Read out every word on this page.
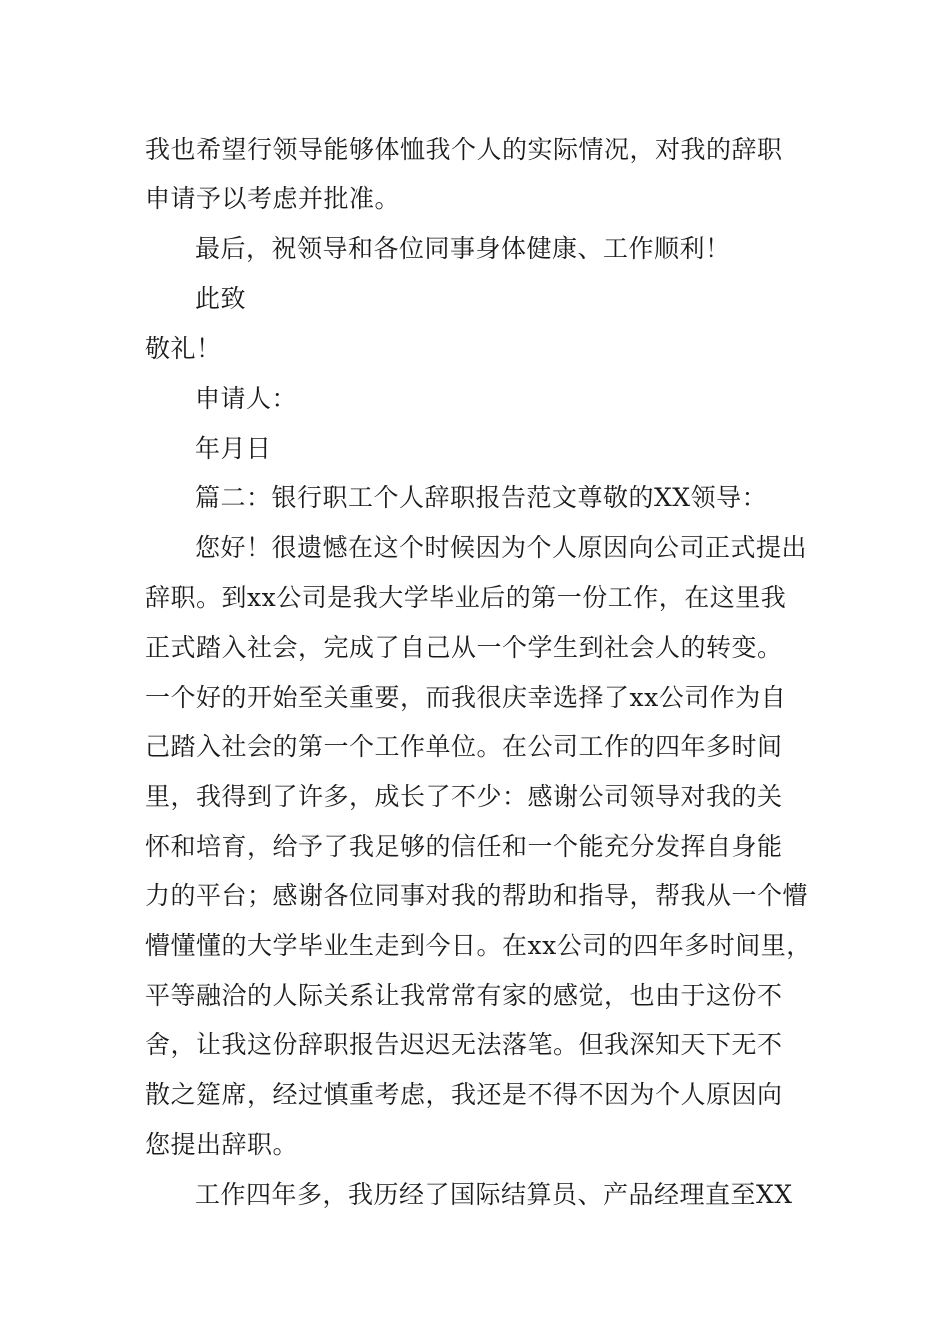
我也希望行领导能够体恤我个人的实际情况，对我的辞职
申请予以考虑并批准。
最后，祝领导和各位同事身体健康、工作顺利！
此致
敬礼！
申请人：
年月日
篇二：银行职工个人辞职报告范文尊敬的XX领导：
您好！很遗憾在这个时候因为个人原因向公司正式提出
辞职。到xx公司是我大学毕业后的第一份工作，在这里我
正式踏入社会，完成了自己从一个学生到社会人的转变。
一个好的开始至关重要，而我很庆幸选择了xx公司作为自
己踏入社会的第一个工作单位。在公司工作的四年多时间
里，我得到了许多，成长了不少：感谢公司领导对我的关
怀和培育，给予了我足够的信任和一个能充分发挥自身能
力的平台；感谢各位同事对我的帮助和指导，帮我从一个懵
懵懂懂的大学毕业生走到今日。在xx公司的四年多时间里，
平等融洽的人际关系让我常常有家的感觉，也由于这份不
舍，让我这份辞职报告迟迟无法落笔。但我深知天下无不
散之筵席，经过慎重考虑，我还是不得不因为个人原因向
您提出辞职。
工作四年多，我历经了国际结算员、产品经理直至XX
